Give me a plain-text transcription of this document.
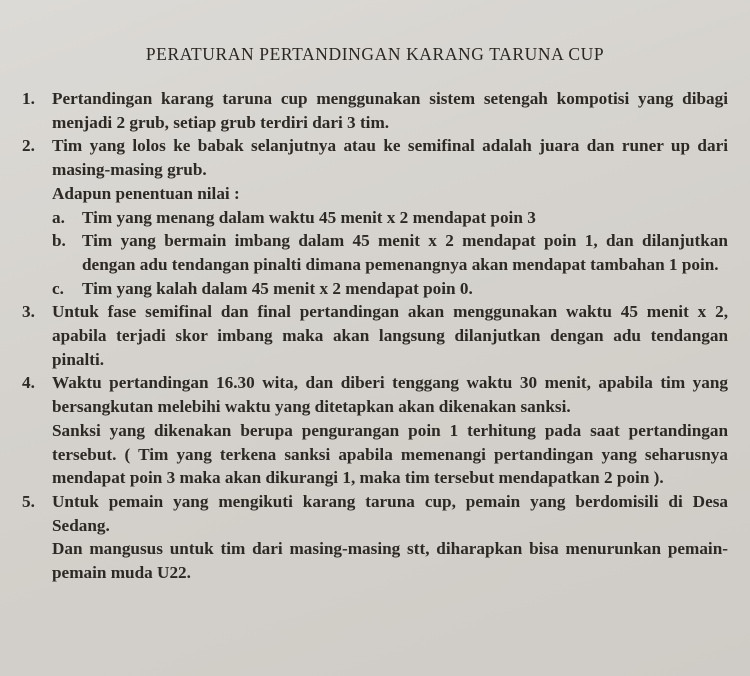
PERATURAN PERTANDINGAN KARANG TARUNA CUP
1. Pertandingan karang taruna cup menggunakan sistem setengah kompotisi yang dibagi menjadi 2 grub, setiap grub terdiri dari 3 tim.
2. Tim yang lolos ke babak selanjutnya atau ke semifinal adalah juara dan runer up dari masing-masing grub.
Adapun penentuan nilai :
a. Tim yang menang dalam waktu 45 menit x 2 mendapat poin 3
b. Tim yang bermain imbang dalam 45 menit x 2 mendapat poin 1, dan dilanjutkan dengan adu tendangan pinalti dimana pemenangnya akan mendapat tambahan 1 poin.
c. Tim yang kalah dalam 45 menit x 2 mendapat poin 0.
3. Untuk fase semifinal dan final pertandingan akan menggunakan waktu 45 menit x 2, apabila terjadi skor imbang maka akan langsung dilanjutkan dengan adu tendangan pinalti.
4. Waktu pertandingan 16.30 wita, dan diberi tenggang waktu 30 menit, apabila tim yang bersangkutan melebihi waktu yang ditetapkan akan dikenakan sanksi.
Sanksi yang dikenakan berupa pengurangan poin 1 terhitung pada saat pertandingan tersebut. ( Tim yang terkena sanksi apabila memenangi pertandingan yang seharusnya mendapat poin 3 maka akan dikurangi 1, maka tim tersebut mendapatkan 2 poin ).
5. Untuk pemain yang mengikuti karang taruna cup, pemain yang berdomisili di Desa Sedang.
Dan mangusus untuk tim dari masing-masing stt, diharapkan bisa menurunkan pemain-pemain muda U22.
